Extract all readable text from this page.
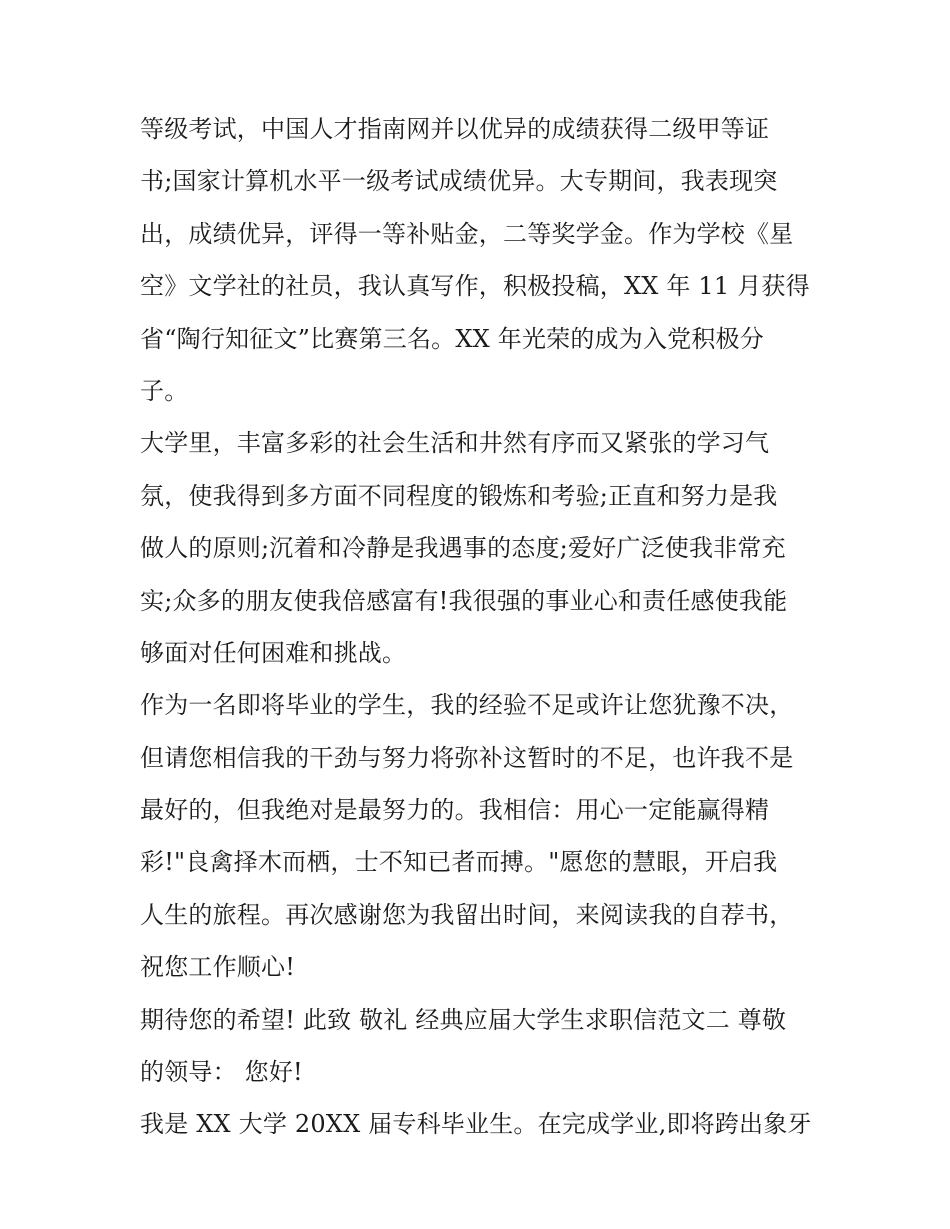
等级考试，中国人才指南网并以优异的成绩获得二级甲等证
书;国家计算机水平一级考试成绩优异。大专期间，我表现突
出，成绩优异，评得一等补贴金，二等奖学金。作为学校《星
空》文学社的社员，我认真写作，积极投稿，XX 年 11 月获得
省“陶行知征文”比赛第三名。XX 年光荣的成为入党积极分
子。
大学里，丰富多彩的社会生活和井然有序而又紧张的学习气
氛，使我得到多方面不同程度的锻炼和考验;正直和努力是我
做人的原则;沉着和冷静是我遇事的态度;爱好广泛使我非常充
实;众多的朋友使我倍感富有!我很强的事业心和责任感使我能
够面对任何困难和挑战。
作为一名即将毕业的学生，我的经验不足或许让您犹豫不决，
但请您相信我的干劲与努力将弥补这暂时的不足，也许我不是
最好的，但我绝对是最努力的。我相信：用心一定能赢得精
彩!"良禽择木而栖，士不知已者而搏。"愿您的慧眼，开启我
人生的旅程。再次感谢您为我留出时间，来阅读我的自荐书，
祝您工作顺心!
期待您的希望! 此致 敬礼 经典应届大学生求职信范文二 尊敬
的领导： 您好!
我是 XX 大学 20XX 届专科毕业生。在完成学业,即将跨出象牙
